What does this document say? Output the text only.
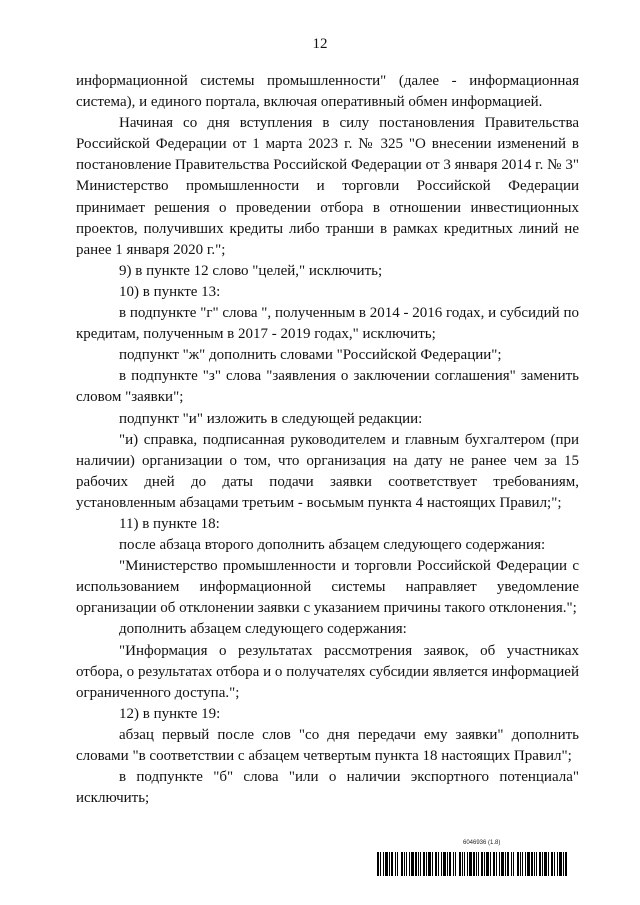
12

информационной системы промышленности" (далее - информационная система), и единого портала, включая оперативный обмен информацией.

Начиная со дня вступления в силу постановления Правительства Российской Федерации от 1 марта 2023 г. № 325 "О внесении изменений в постановление Правительства Российской Федерации от 3 января 2014 г. № 3" Министерство промышленности и торговли Российской Федерации принимает решения о проведении отбора в отношении инвестиционных проектов, получивших кредиты либо транши в рамках кредитных линий не ранее 1 января 2020 г.";

9) в пункте 12 слово "целей," исключить;

10) в пункте 13:

в подпункте "г" слова ", полученным в 2014 - 2016 годах, и субсидий по кредитам, полученным в 2017 - 2019 годах," исключить;

подпункт "ж" дополнить словами "Российской Федерации";

в подпункте "з" слова "заявления о заключении соглашения" заменить словом "заявки";

подпункт "и" изложить в следующей редакции:

"и) справка, подписанная руководителем и главным бухгалтером (при наличии) организации о том, что организация на дату не ранее чем за 15 рабочих дней до даты подачи заявки соответствует требованиям, установленным абзацами третьим - восьмым пункта 4 настоящих Правил;";

11) в пункте 18:

после абзаца второго дополнить абзацем следующего содержания:

"Министерство промышленности и торговли Российской Федерации с использованием информационной системы направляет уведомление организации об отклонении заявки с указанием причины такого отклонения.";

дополнить абзацем следующего содержания:

"Информация о результатах рассмотрения заявок, об участниках отбора, о результатах отбора и о получателях субсидии является информацией ограниченного доступа.";

12) в пункте 19:

абзац первый после слов "со дня передачи ему заявки" дополнить словами "в соответствии с абзацем четвертым пункта 18 настоящих Правил";

в подпункте "б" слова "или о наличии экспортного потенциала" исключить;

6046936 (1.8)
